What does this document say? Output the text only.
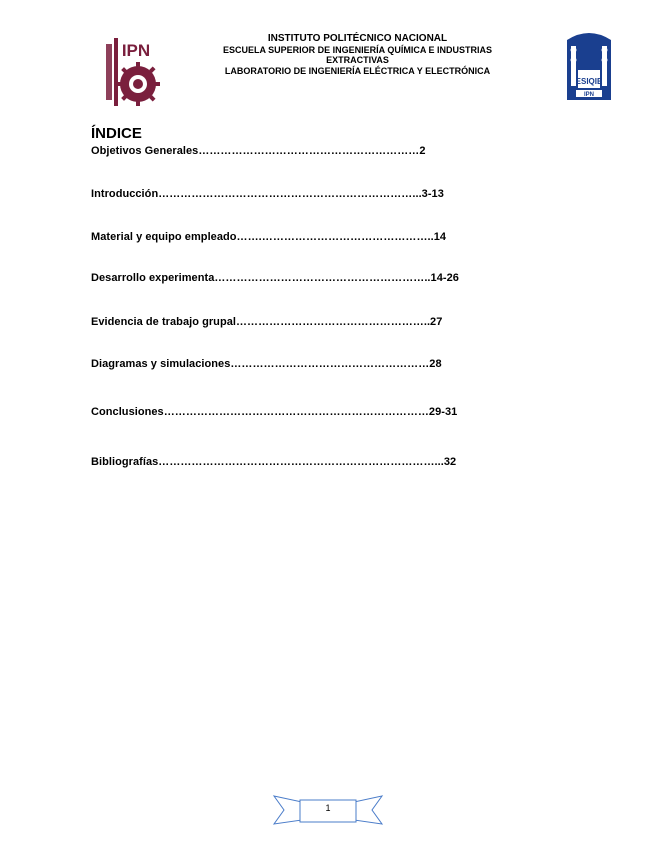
IPN
INSTITUTO POLITÉCNICO NACIONAL
ESCUELA SUPERIOR DE INGENIERÍA QUÍMICA E INDUSTRIAS
EXTRACTIVAS
LABORATORIO DE INGENIERÍA ELÉCTRICA Y ELECTRÓNICA
ESIQIE
IPN
ÍNDICE
Objetivos Generales……………………………………………………2
Introducción……………………………………………………………...3-13
Material y equipo empleado…….………………………………………..14
Desarrollo experimenta…………………………………………………..14-26
Evidencia de trabajo grupal……………………………………………..27
Diagramas y simulaciones………………………………………………28
Conclusiones………………………………………………………………29-31
Bibliografías…………………………………………………………………...32
1
